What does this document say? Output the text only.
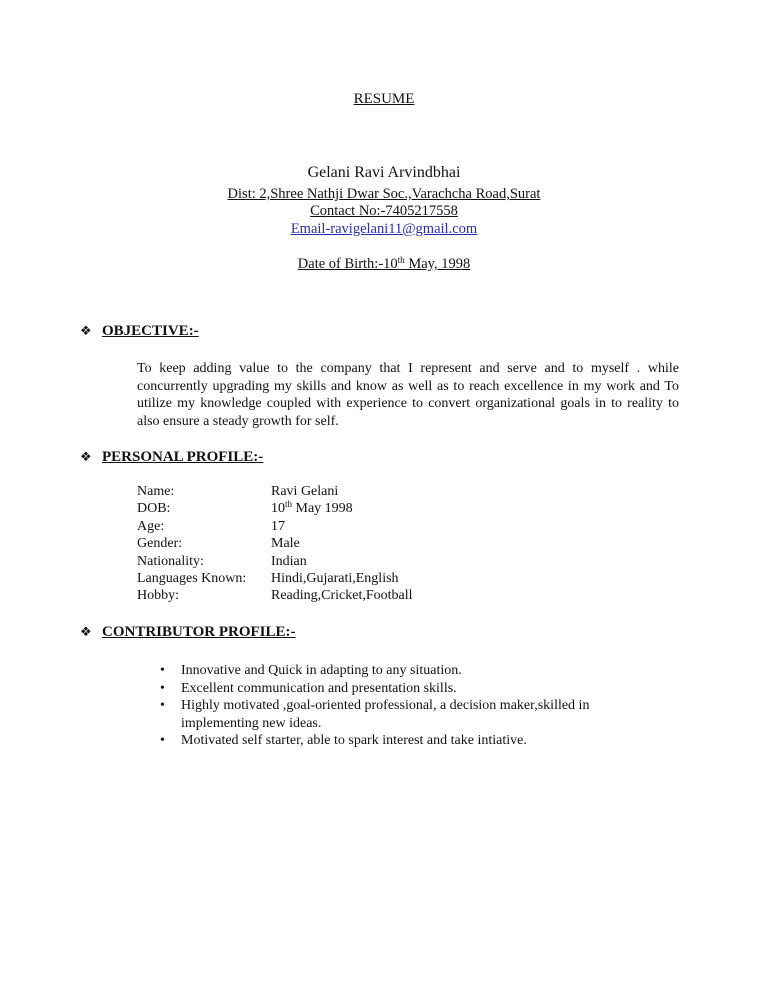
RESUME
Gelani Ravi Arvindbhai
Dist: 2,Shree Nathji Dwar Soc.,Varachcha Road,Surat
Contact No:-7405217558
Email-ravigelani11@gmail.com
Date of Birth:-10th May, 1998
❖ OBJECTIVE:-
To keep adding value to the company that I represent and serve and to myself . while concurrently upgrading my skills and know as well as to reach excellence in my work and To utilize my knowledge coupled with experience to convert organizational goals in to reality to also ensure a steady growth for self.
❖ PERSONAL PROFILE:-
Name:	Ravi Gelani
DOB:	10th May 1998
Age:	17
Gender:	Male
Nationality:	Indian
Languages Known: Hindi,Gujarati,English
Hobby:	Reading,Cricket,Football
❖ CONTRIBUTOR PROFILE:-
• Innovative and Quick in adapting to any situation.
• Excellent communication and presentation skills.
• Highly motivated ,goal-oriented professional, a decision maker,skilled in implementing new ideas.
• Motivated self starter, able to spark interest and take intiative.
